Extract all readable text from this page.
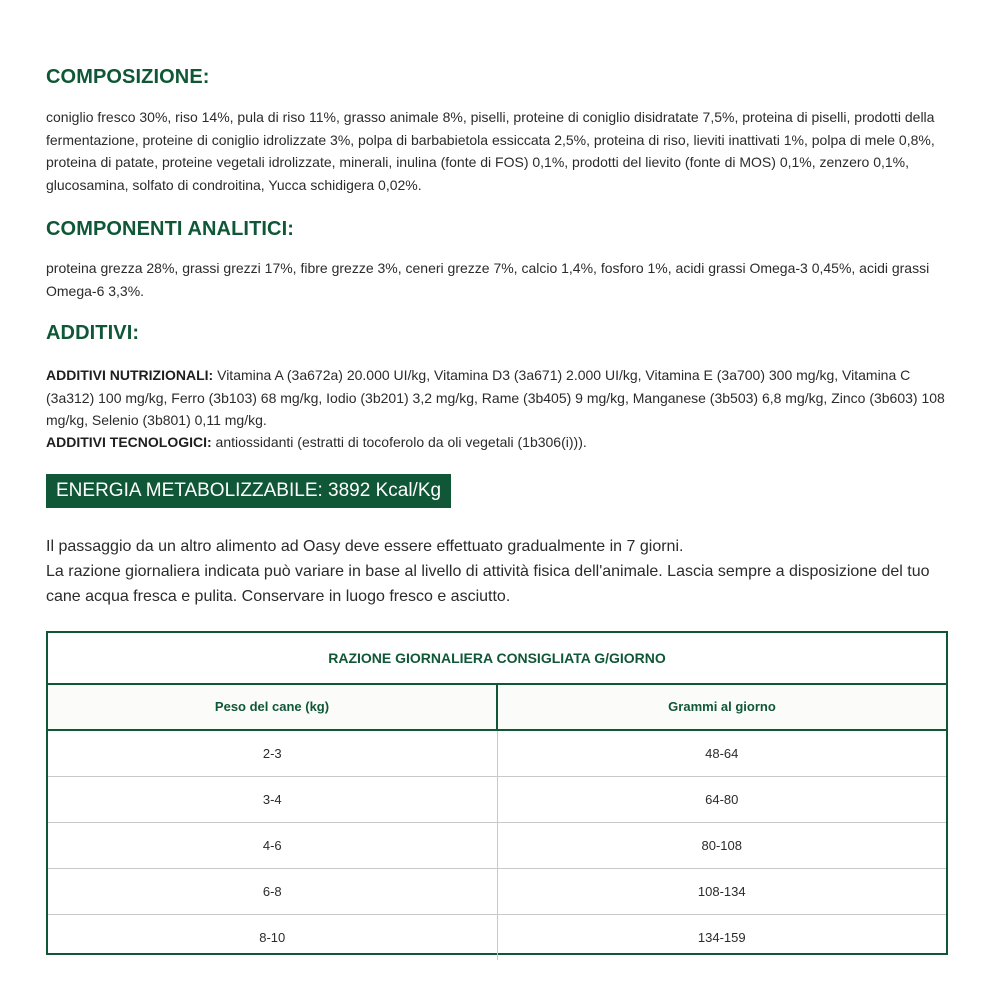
COMPOSIZIONE:

coniglio fresco 30%, riso 14%, pula di riso 11%, grasso animale 8%, piselli, proteine di coniglio disidratate 7,5%, proteina di piselli, prodotti della fermentazione, proteine di coniglio idrolizzate 3%, polpa di barbabietola essiccata 2,5%, proteina di riso, lieviti inattivati 1%, polpa di mele 0,8%, proteina di patate, proteine vegetali idrolizzate, minerali, inulina (fonte di FOS) 0,1%, prodotti del lievito (fonte di MOS) 0,1%, zenzero 0,1%, glucosamina, solfato di condroitina, Yucca schidigera 0,02%.

COMPONENTI ANALITICI:

proteina grezza 28%, grassi grezzi 17%, fibre grezze 3%, ceneri grezze 7%, calcio 1,4%, fosforo 1%, acidi grassi Omega-3 0,45%, acidi grassi Omega-6 3,3%.

ADDITIVI:

ADDITIVI NUTRIZIONALI: Vitamina A (3a672a) 20.000 UI/kg, Vitamina D3 (3a671) 2.000 UI/kg, Vitamina E (3a700) 300 mg/kg, Vitamina C (3a312) 100 mg/kg, Ferro (3b103) 68 mg/kg, Iodio (3b201) 3,2 mg/kg, Rame (3b405) 9 mg/kg, Manganese (3b503) 6,8 mg/kg, Zinco (3b603) 108 mg/kg, Selenio (3b801) 0,11 mg/kg.

ADDITIVI TECNOLOGICI: antiossidanti (estratti di tocoferolo da oli vegetali (1b306(i))).

ENERGIA METABOLIZZABILE: 3892 Kcal/Kg

Il passaggio da un altro alimento ad Oasy deve essere effettuato gradualmente in 7 giorni.

La razione giornaliera indicata può variare in base al livello di attività fisica dell'animale. Lascia sempre a disposizione del tuo cane acqua fresca e pulita. Conservare in luogo fresco e asciutto.

RAZIONE GIORNALIERA CONSIGLIATA G/GIORNO
Peso del cane (kg)	Grammi al giorno
2-3	48-64
3-4	64-80
4-6	80-108
6-8	108-134
8-10	134-159
